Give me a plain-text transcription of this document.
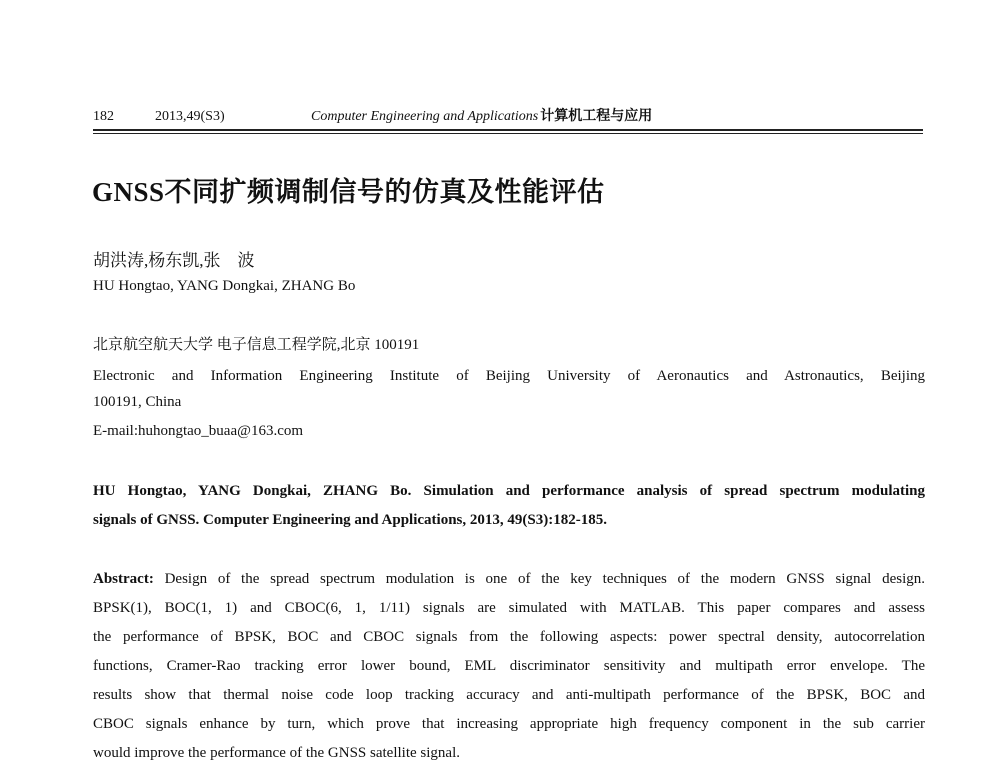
182	2013,49(S3)	Computer Engineering and Applications 计算机工程与应用
GNSS不同扩频调制信号的仿真及性能评估
胡洪涛,杨东凯,张　波
HU Hongtao, YANG Dongkai, ZHANG Bo
北京航空航天大学 电子信息工程学院,北京 100191
Electronic and Information Engineering Institute of Beijing University of Aeronautics and Astronautics, Beijing
100191, China
E-mail:huhongtao_buaa@163.com
HU Hongtao, YANG Dongkai, ZHANG Bo. Simulation and performance analysis of spread spectrum modulating
signals of GNSS. Computer Engineering and Applications, 2013, 49(S3):182-185.
Abstract: Design of the spread spectrum modulation is one of the key techniques of the modern GNSS signal design.
BPSK(1), BOC(1, 1) and CBOC(6, 1, 1/11) signals are simulated with MATLAB. This paper compares and assess
the performance of BPSK, BOC and CBOC signals from the following aspects: power spectral density, autocorrelation
functions, Cramer-Rao tracking error lower bound, EML discriminator sensitivity and multipath error envelope. The
results show that thermal noise code loop tracking accuracy and anti-multipath performance of the BPSK, BOC and
CBOC signals enhance by turn, which prove that increasing appropriate high frequency component in the sub carrier
would improve the performance of the GNSS satellite signal.
